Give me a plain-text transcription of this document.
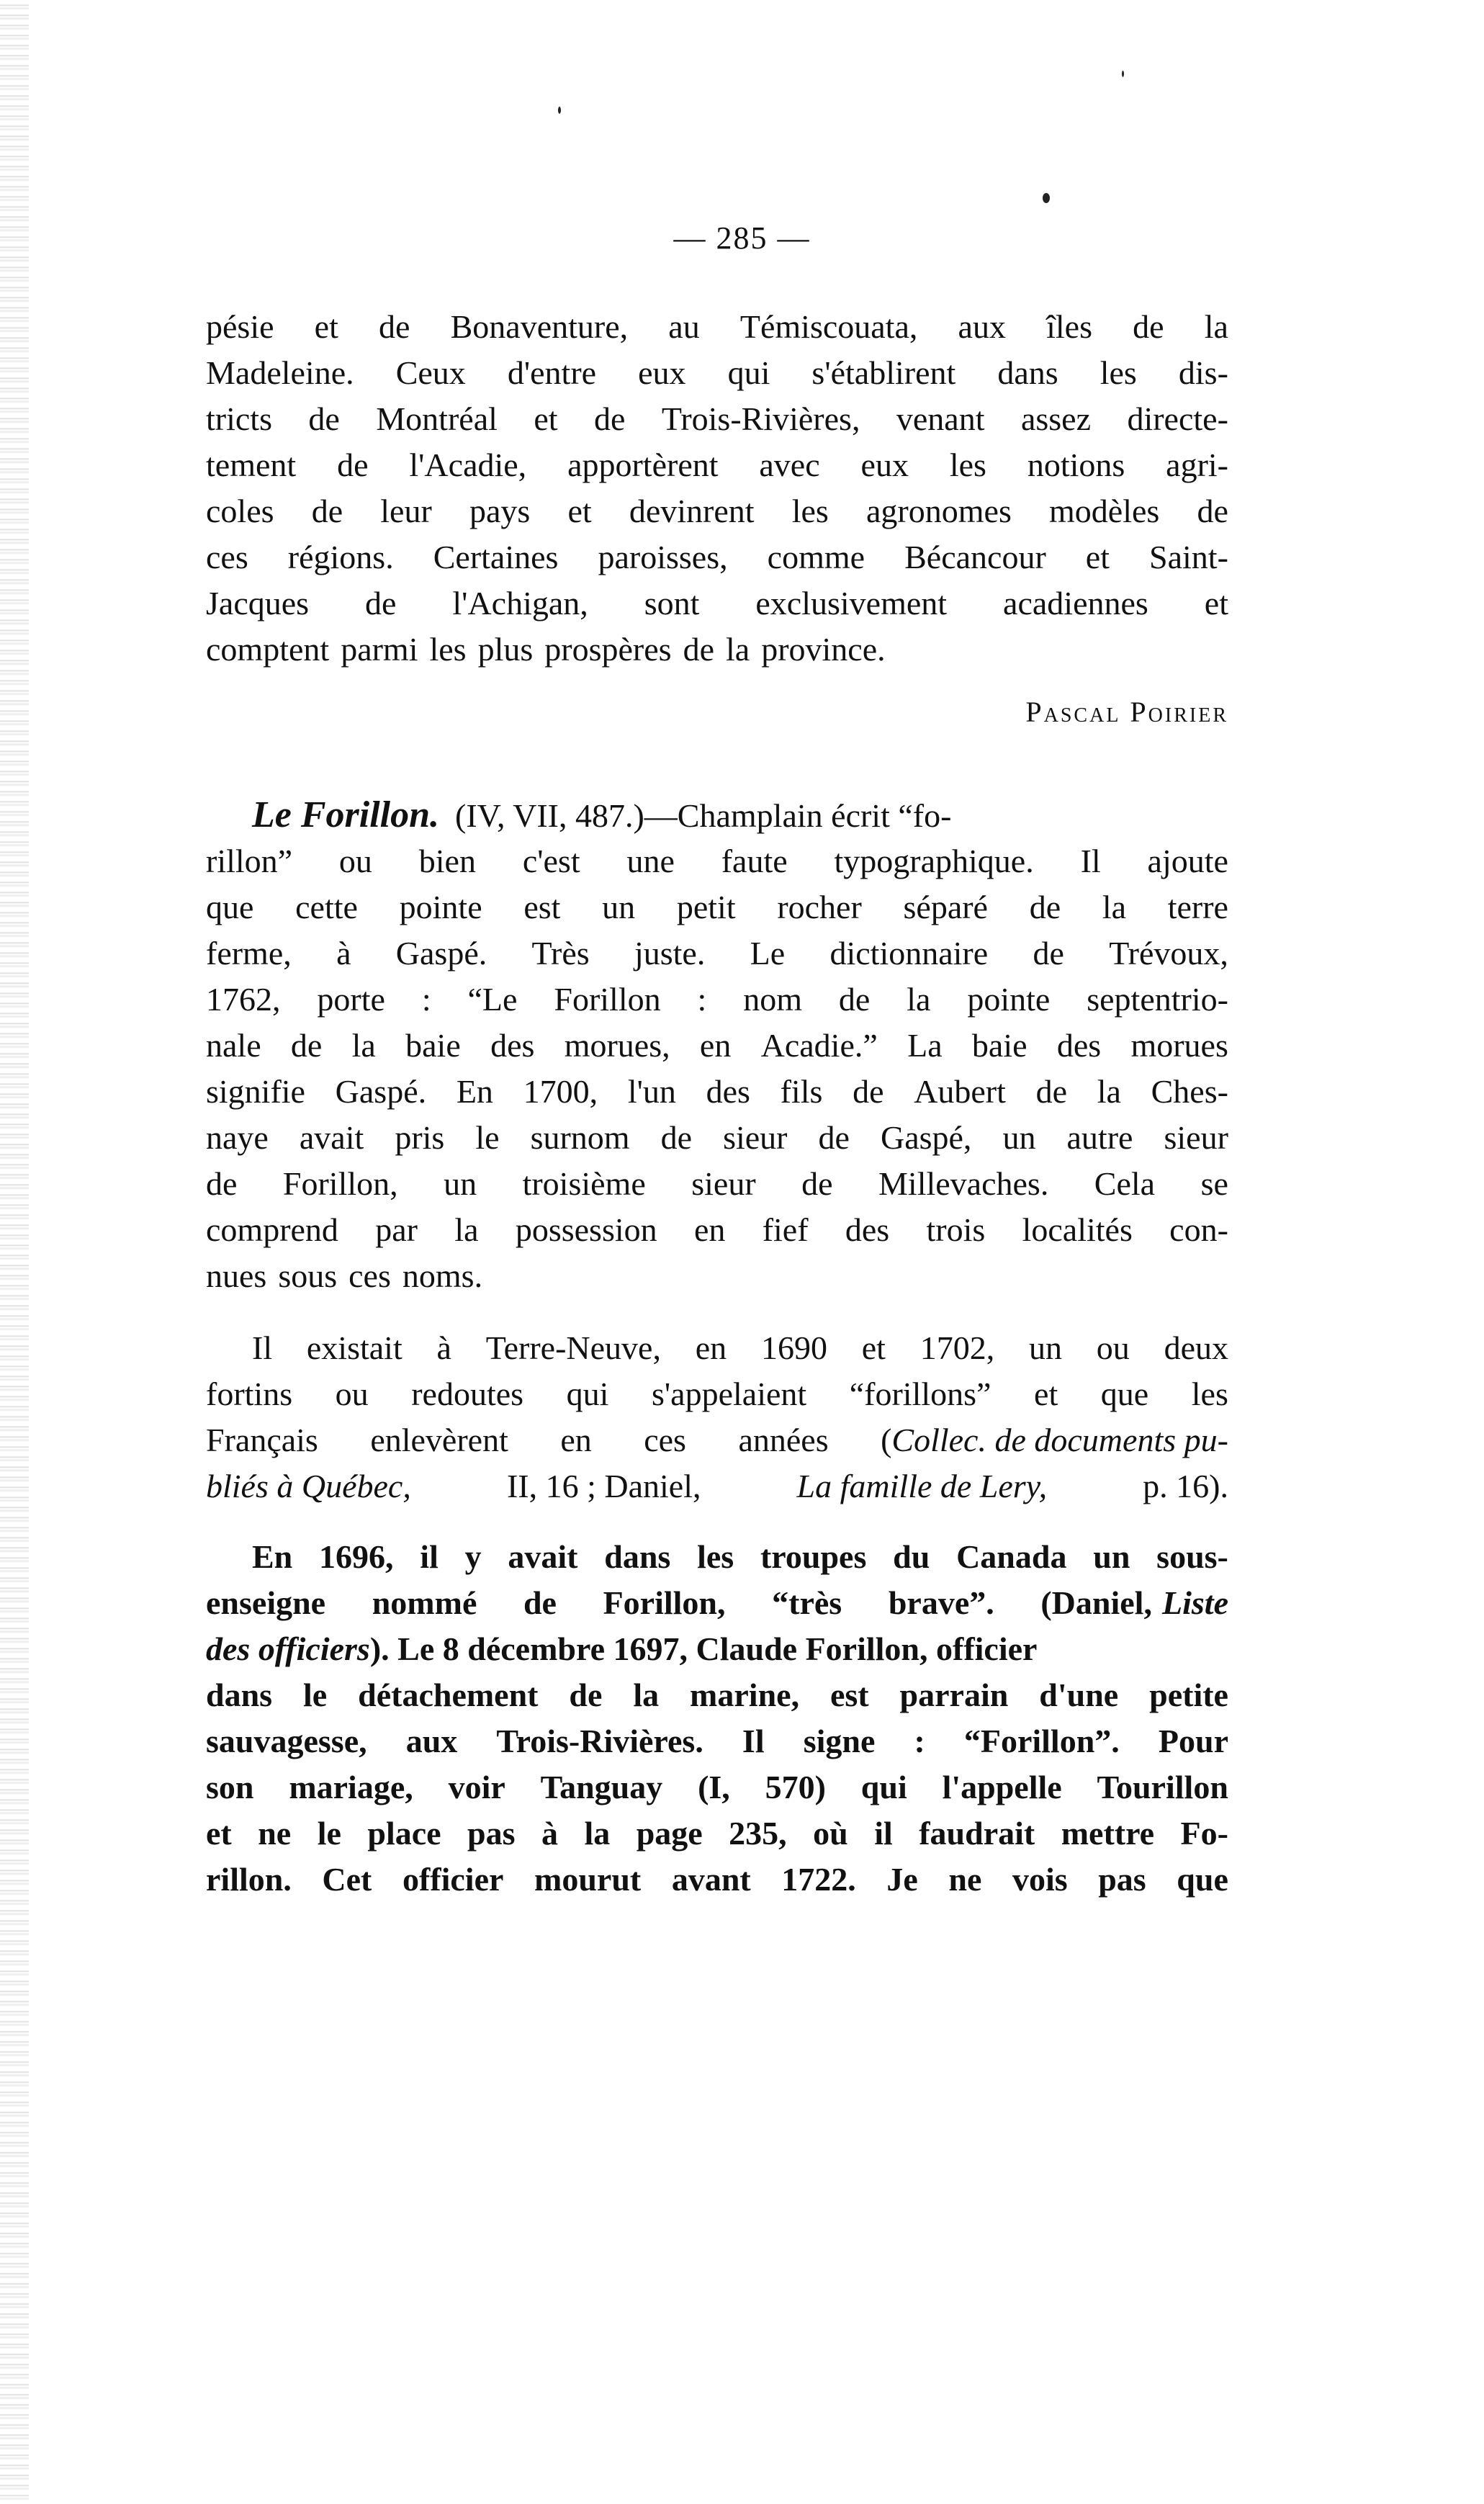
— 285 —
pésie et de Bonaventure, au Témiscouata, aux îles de la
Madeleine. Ceux d'entre eux qui s'établirent dans les dis-
tricts de Montréal et de Trois-Rivières, venant assez directe-
tement de l'Acadie, apportèrent avec eux les notions agri-
coles de leur pays et devinrent les agronomes modèles de
ces régions. Certaines paroisses, comme Bécancour et Saint-
Jacques de l'Achigan, sont exclusivement acadiennes et
comptent parmi les plus prospères de la province.
Pascal Poirier
Le Forillon. (IV, VII, 487.)—Champlain écrit “fo-
rillon” ou bien c'est une faute typographique. Il ajoute
que cette pointe est un petit rocher séparé de la terre
ferme, à Gaspé. Très juste. Le dictionnaire de Trévoux,
1762, porte : “Le Forillon : nom de la pointe septentrio-
nale de la baie des morues, en Acadie.” La baie des morues
signifie Gaspé. En 1700, l'un des fils de Aubert de la Ches-
naye avait pris le surnom de sieur de Gaspé, un autre sieur
de Forillon, un troisième sieur de Millevaches. Cela se
comprend par la possession en fief des trois localités con-
nues sous ces noms.
Il existait à Terre-Neuve, en 1690 et 1702, un ou deux
fortins ou redoutes qui s'appelaient “forillons” et que les
Français enlevèrent en ces années (Collec. de documents pu-
bliés à Québec,	II, 16 ; Daniel,	La famille de Lery,	p. 16).
En 1696, il y avait dans les troupes du Canada un sous-
enseigne nommé de Forillon, “très brave”. (Daniel, Liste
des officiers ). Le 8 décembre 1697, Claude Forillon, officier
dans le détachement de la marine, est parrain d'une petite
sauvagesse, aux Trois-Rivières. Il signe : “Forillon”. Pour
son mariage, voir Tanguay (I, 570) qui l'appelle Tourillon
et ne le place pas à la page 235, où il faudrait mettre Fo-
rillon. Cet officier mourut avant 1722. Je ne vois pas que
